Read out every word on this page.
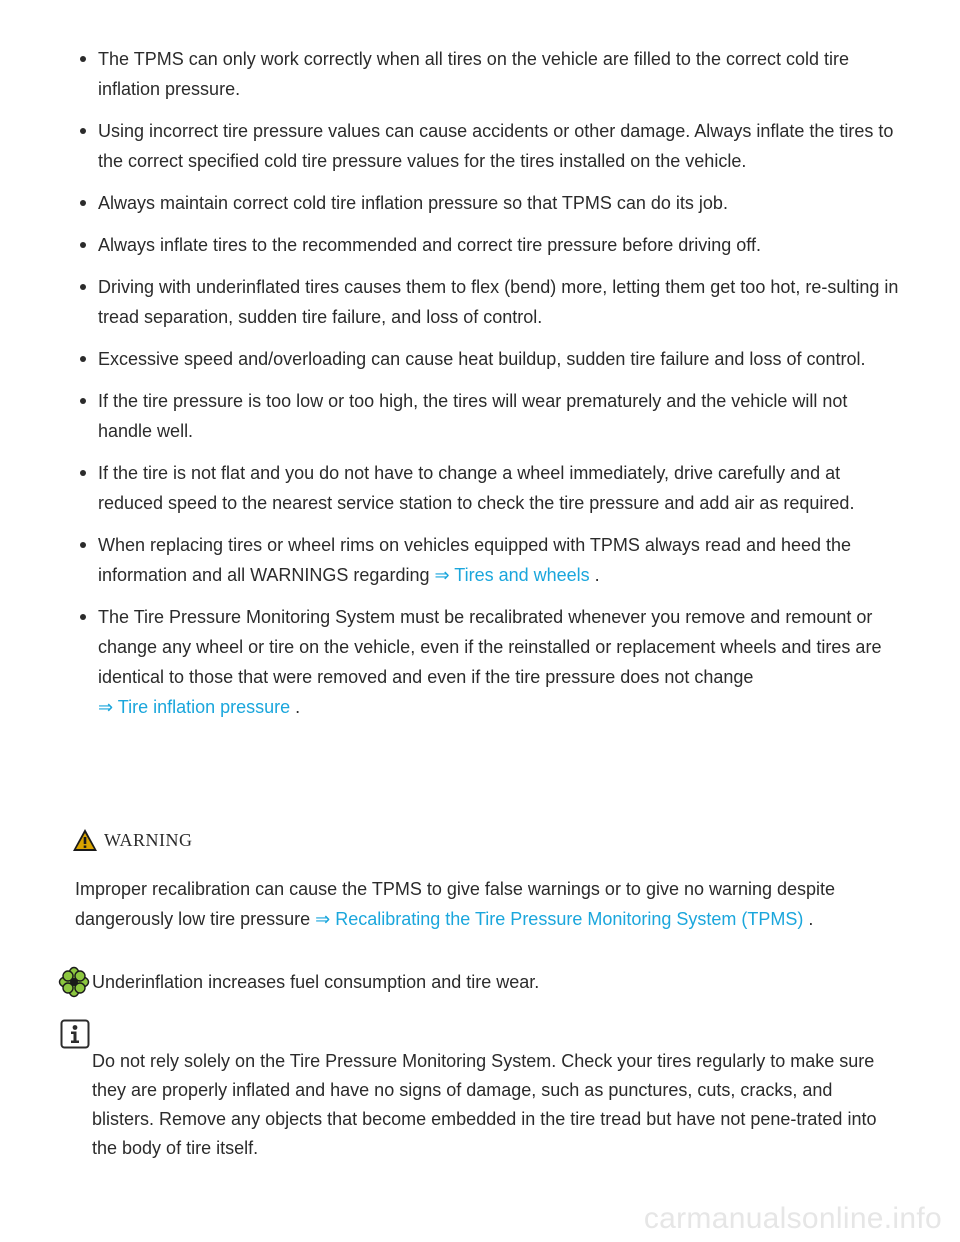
The TPMS can only work correctly when all tires on the vehicle are filled to the correct cold tire inflation pressure.
Using incorrect tire pressure values can cause accidents or other damage. Always inflate the tires to the correct specified cold tire pressure values for the tires installed on the vehicle.
Always maintain correct cold tire inflation pressure so that TPMS can do its job.
Always inflate tires to the recommended and correct tire pressure before driving off.
Driving with underinflated tires causes them to flex (bend) more, letting them get too hot, re-sulting in tread separation, sudden tire failure, and loss of control.
Excessive speed and/overloading can cause heat buildup, sudden tire failure and loss of control.
If the tire pressure is too low or too high, the tires will wear prematurely and the vehicle will not handle well.
If the tire is not flat and you do not have to change a wheel immediately, drive carefully and at reduced speed to the nearest service station to check the tire pressure and add air as required.
When replacing tires or wheel rims on vehicles equipped with TPMS always read and heed the information and all WARNINGS regarding ⇒ Tires and wheels .
The Tire Pressure Monitoring System must be recalibrated whenever you remove and remount or change any wheel or tire on the vehicle, even if the reinstalled or replacement wheels and tires are identical to those that were removed and even if the tire pressure does not change
⇒ Tire inflation pressure .
WARNING
Improper recalibration can cause the TPMS to give false warnings or to give no warning despite dangerously low tire pressure ⇒ Recalibrating the Tire Pressure Monitoring System (TPMS) .
Underinflation increases fuel consumption and tire wear.
Do not rely solely on the Tire Pressure Monitoring System. Check your tires regularly to make sure they are properly inflated and have no signs of damage, such as punctures, cuts, cracks, and blisters. Remove any objects that become embedded in the tire tread but have not pene-trated into the body of tire itself.
carmanualsonline.info
